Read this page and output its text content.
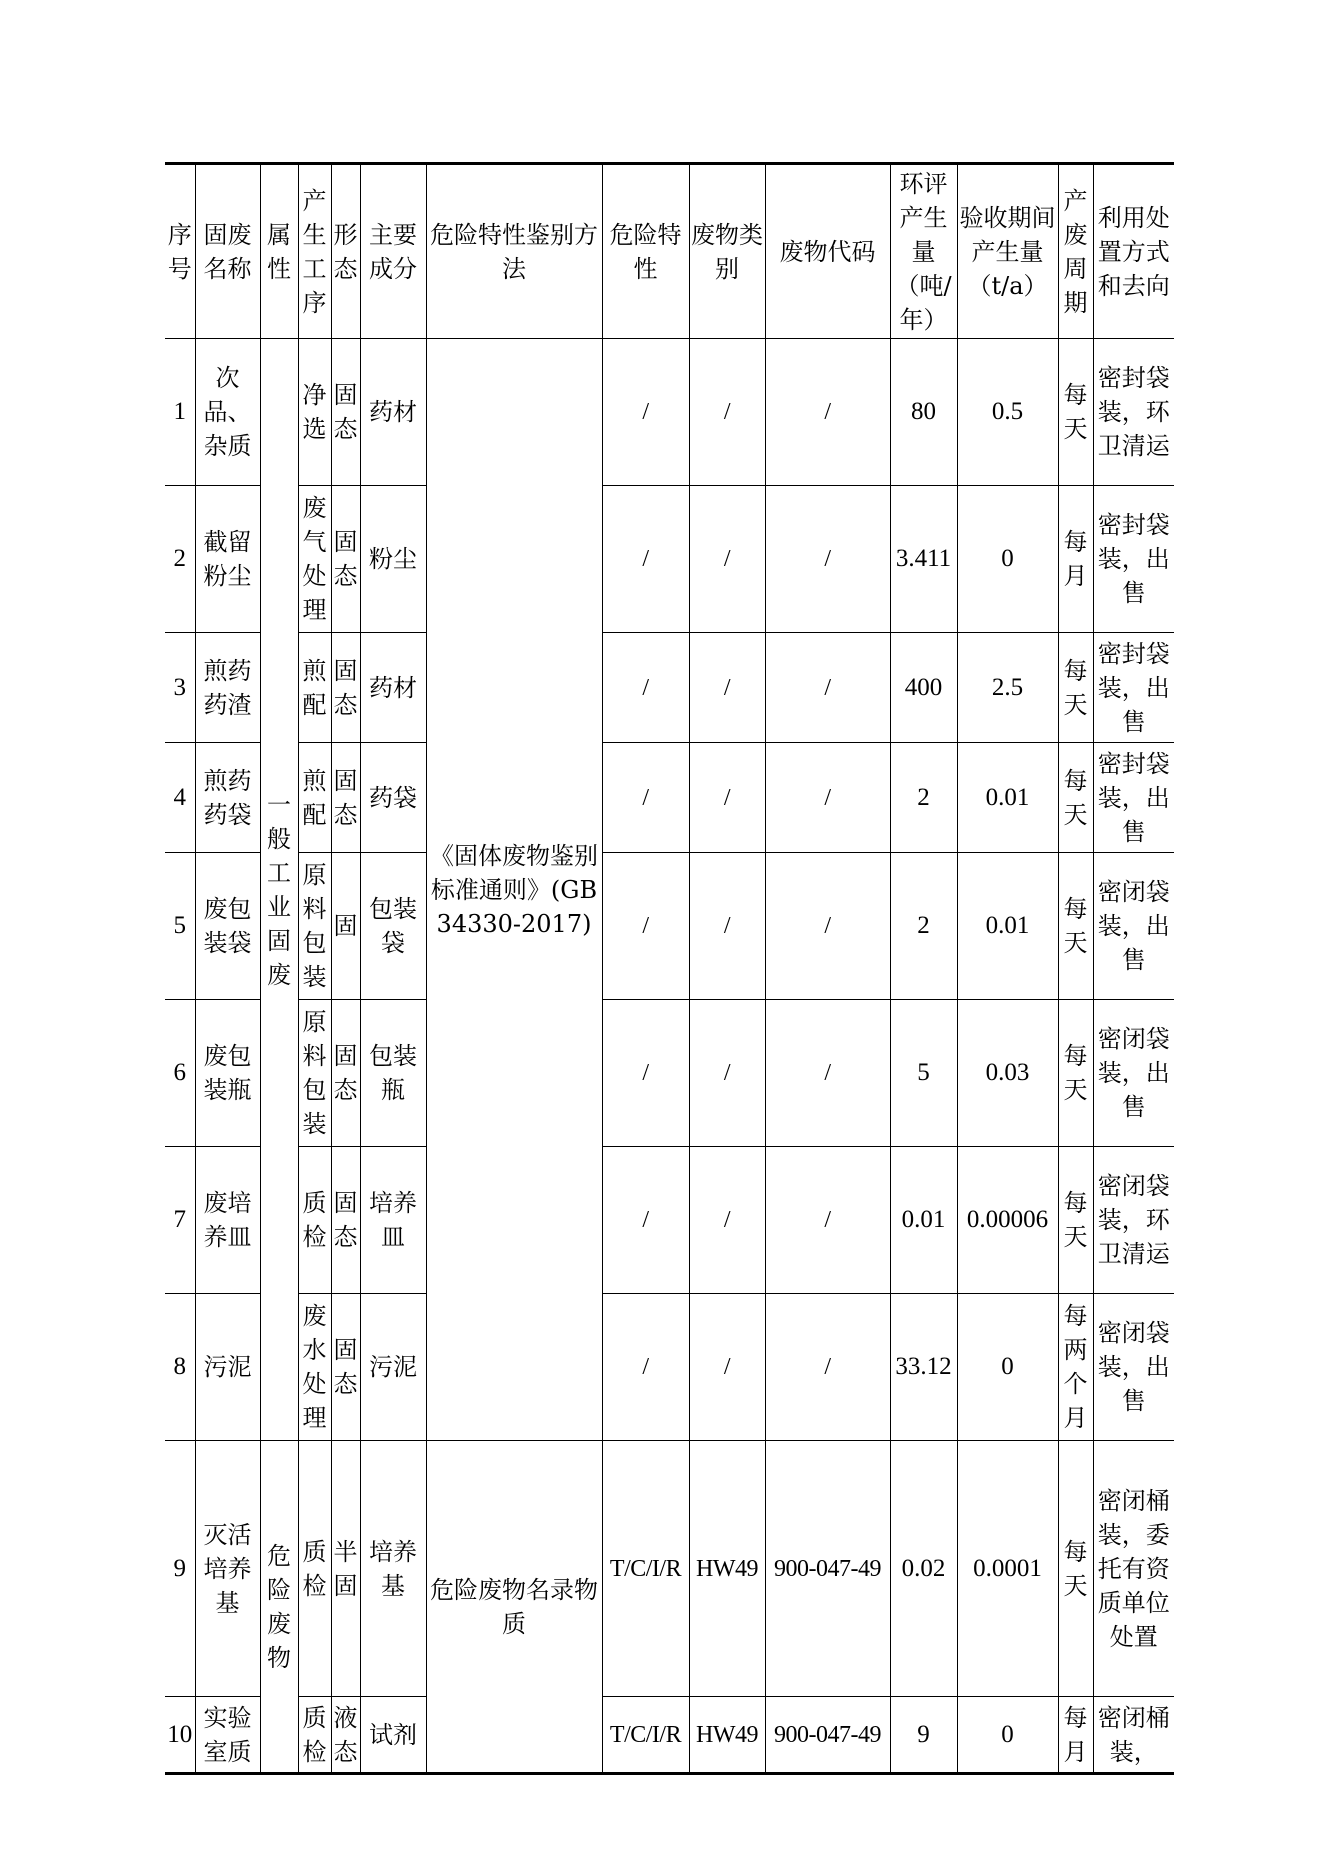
序号	固废名称	属性	产生工序	形态	主要成分	危险特性鉴别方法	危险特性	废物类别	废物代码	环评产生量（吨/年）	验收期间产生量（t/a）	产废周期	利用处置方式和去向
1	次品、杂质	一般工业固废	净选	固态	药材	《固体废物鉴别标准通则》(GB 34330-2017)	/	/	/	80	0.5	每天	密封袋装，环卫清运
2	截留粉尘		废气处理	固态	粉尘		/	/	/	3.411	0	每月	密封袋装，出售
3	煎药药渣		煎配	固态	药材		/	/	/	400	2.5	每天	密封袋装，出售
4	煎药药袋		煎配	固态	药袋		/	/	/	2	0.01	每天	密封袋装，出售
5	废包装袋		原料包装	固	包装袋		/	/	/	2	0.01	每天	密闭袋装，出售
6	废包装瓶		原料包装	固态	包装瓶		/	/	/	5	0.03	每天	密闭袋装，出售
7	废培养皿		质检	固态	培养皿		/	/	/	0.01	0.00006	每天	密闭袋装，环卫清运
8	污泥		废水处理	固态	污泥		/	/	/	33.12	0	每两个月	密闭袋装，出售
9	灭活培养基	危险废物	质检	半固	培养基	危险废物名录物质	T/C/I/R	HW49	900-047-49	0.02	0.0001	每天	密闭桶装，委托有资质单位处置
10	实验室质		质检	液态	试剂		T/C/I/R	HW49	900-047-49	9	0	每月	密闭桶装，
